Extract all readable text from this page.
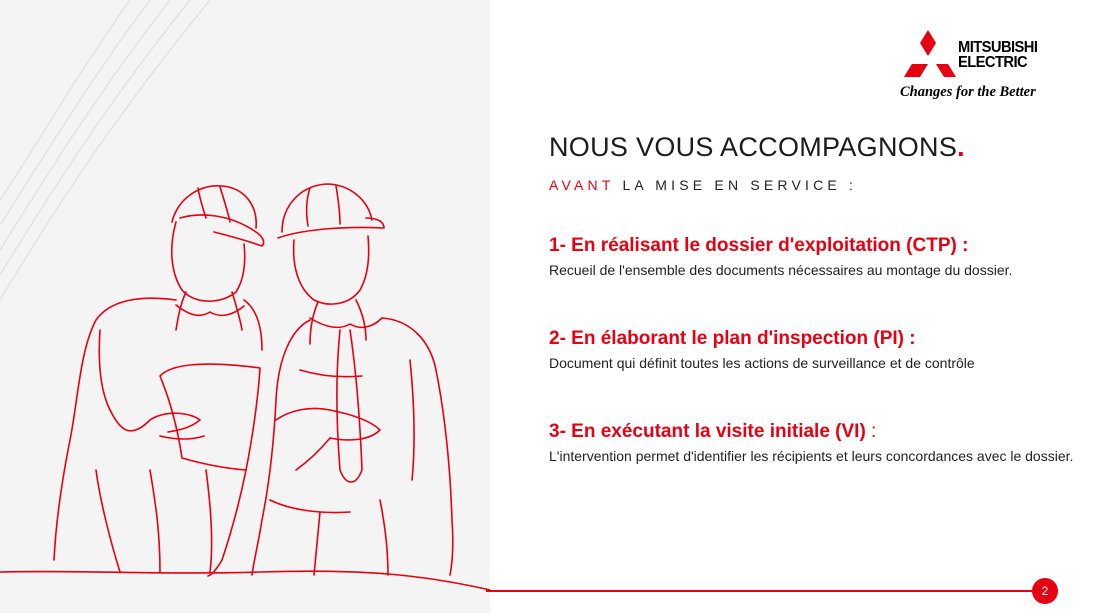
MITSUBISHI
ELECTRIC
Changes for the Better
NOUS VOUS ACCOMPAGNONS.
AVANT LA MISE EN SERVICE :
1- En réalisant le dossier d'exploitation (CTP) :
Recueil de l'ensemble des documents nécessaires au montage du dossier.
2- En élaborant le plan d'inspection (PI) :
Document qui définit toutes les actions de surveillance et de contrôle
3- En exécutant la visite initiale (VI) :
L'intervention permet d'identifier les récipients et leurs concordances avec le dossier.
2
